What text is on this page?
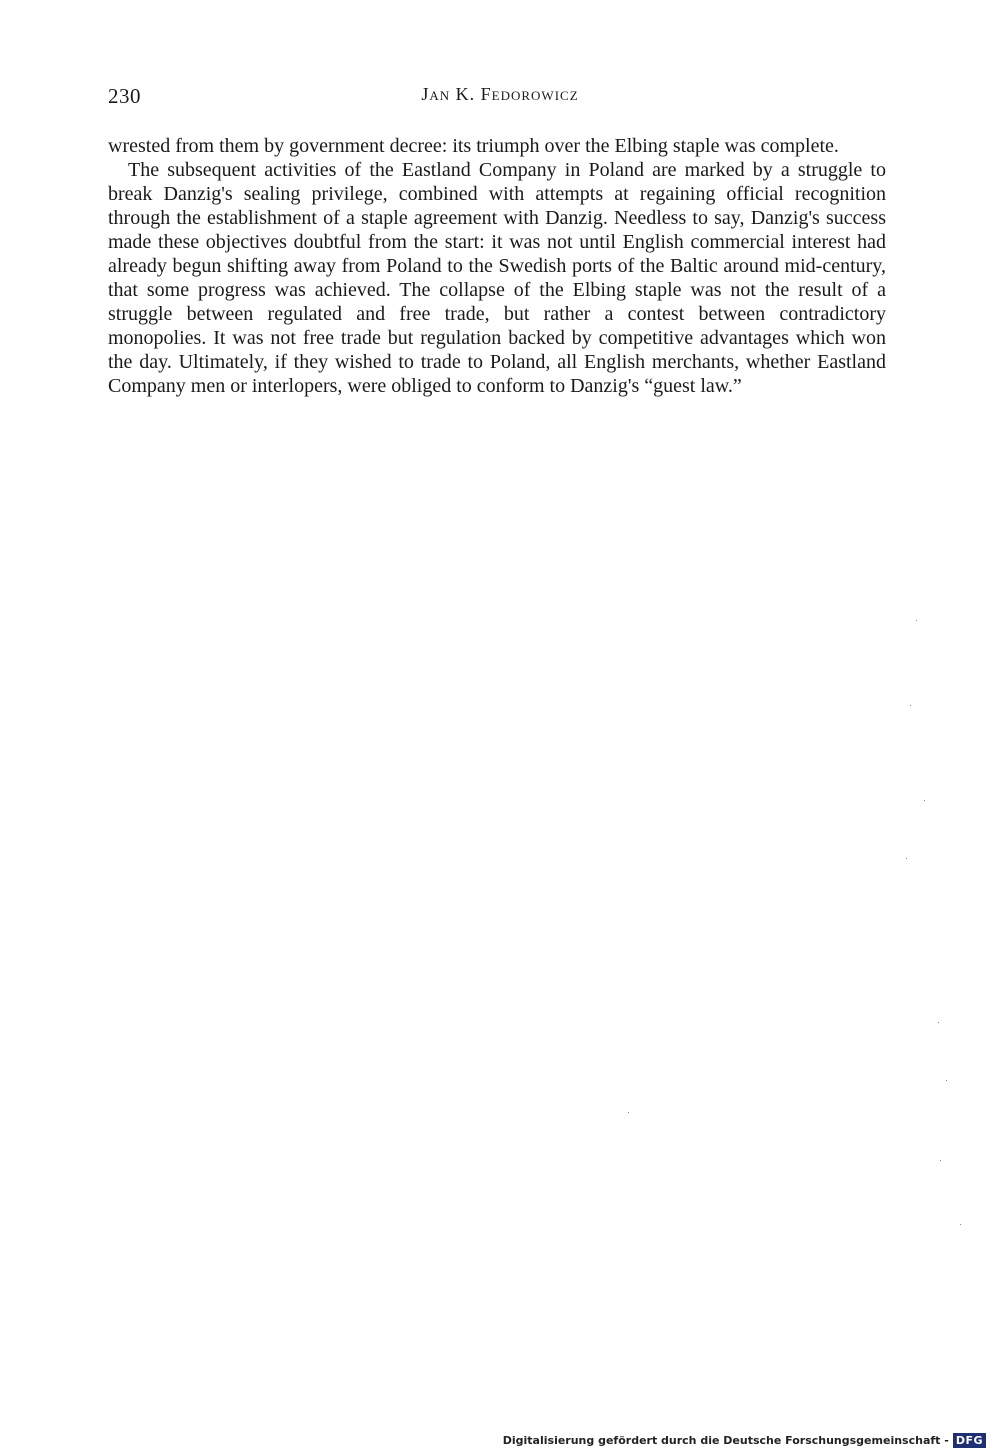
230	Jan K. Fedorowicz

wrested from them by government decree: its triumph over the Elbing staple was complete.

The subsequent activities of the Eastland Company in Poland are marked by a struggle to break Danzig's sealing privilege, combined with attempts at regaining official recognition through the establishment of a staple agreement with Danzig. Needless to say, Danzig's success made these objectives doubtful from the start: it was not until English commercial interest had already begun shifting away from Poland to the Swedish ports of the Baltic around mid-century, that some progress was achieved. The collapse of the Elbing staple was not the result of a struggle between regulated and free trade, but rather a contest between contradictory monopolies. It was not free trade but regulation backed by competitive advantages which won the day. Ultimately, if they wished to trade to Poland, all English merchants, whether Eastland Company men or interlopers, were obliged to conform to Danzig's “guest law.”

Digitalisierung gefördert durch die Deutsche Forschungsgemeinschaft - DFG
